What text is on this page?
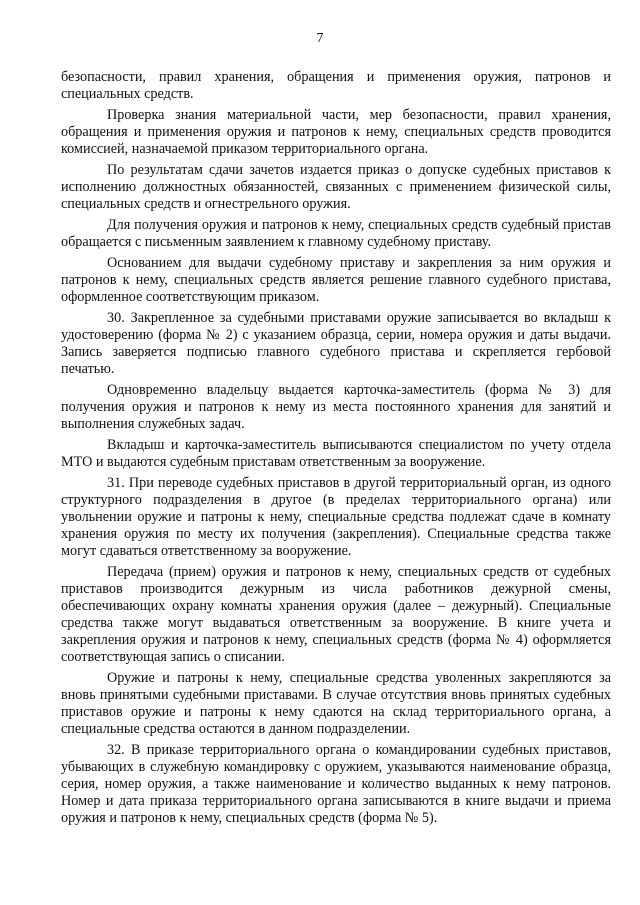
7

безопасности, правил хранения, обращения и применения оружия, патронов и специальных средств.

Проверка знания материальной части, мер безопасности, правил хранения, обращения и применения оружия и патронов к нему, специальных средств проводится комиссией, назначаемой приказом территориального органа.

По результатам сдачи зачетов издается приказ о допуске судебных приставов к исполнению должностных обязанностей, связанных с применением физической силы, специальных средств и огнестрельного оружия.

Для получения оружия и патронов к нему, специальных средств судебный пристав обращается с письменным заявлением к главному судебному приставу.

Основанием для выдачи судебному приставу и закрепления за ним оружия и патронов к нему, специальных средств является решение главного судебного пристава, оформленное соответствующим приказом.

30. Закрепленное за судебными приставами оружие записывается во вкладыш к удостоверению (форма № 2) с указанием образца, серии, номера оружия и даты выдачи. Запись заверяется подписью главного судебного пристава и скрепляется гербовой печатью.

Одновременно владельцу выдается карточка-заместитель (форма № 3) для получения оружия и патронов к нему из места постоянного хранения для занятий и выполнения служебных задач.

Вкладыш и карточка-заместитель выписываются специалистом по учету отдела МТО и выдаются судебным приставам ответственным за вооружение.

31. При переводе судебных приставов в другой территориальный орган, из одного структурного подразделения в другое (в пределах территориального органа) или увольнении оружие и патроны к нему, специальные средства подлежат сдаче в комнату хранения оружия по месту их получения (закрепления). Специальные средства также могут сдаваться ответственному за вооружение.

Передача (прием) оружия и патронов к нему, специальных средств от судебных приставов производится дежурным из числа работников дежурной смены, обеспечивающих охрану комнаты хранения оружия (далее – дежурный). Специальные средства также могут выдаваться ответственным за вооружение. В книге учета и закрепления оружия и патронов к нему, специальных средств (форма № 4) оформляется соответствующая запись о списании.

Оружие и патроны к нему, специальные средства уволенных закрепляются за вновь принятыми судебными приставами. В случае отсутствия вновь принятых судебных приставов оружие и патроны к нему сдаются на склад территориального органа, а специальные средства остаются в данном подразделении.

32. В приказе территориального органа о командировании судебных приставов, убывающих в служебную командировку с оружием, указываются наименование образца, серия, номер оружия, а также наименование и количество выданных к нему патронов. Номер и дата приказа территориального органа записываются в книге выдачи и приема оружия и патронов к нему, специальных средств (форма № 5).
